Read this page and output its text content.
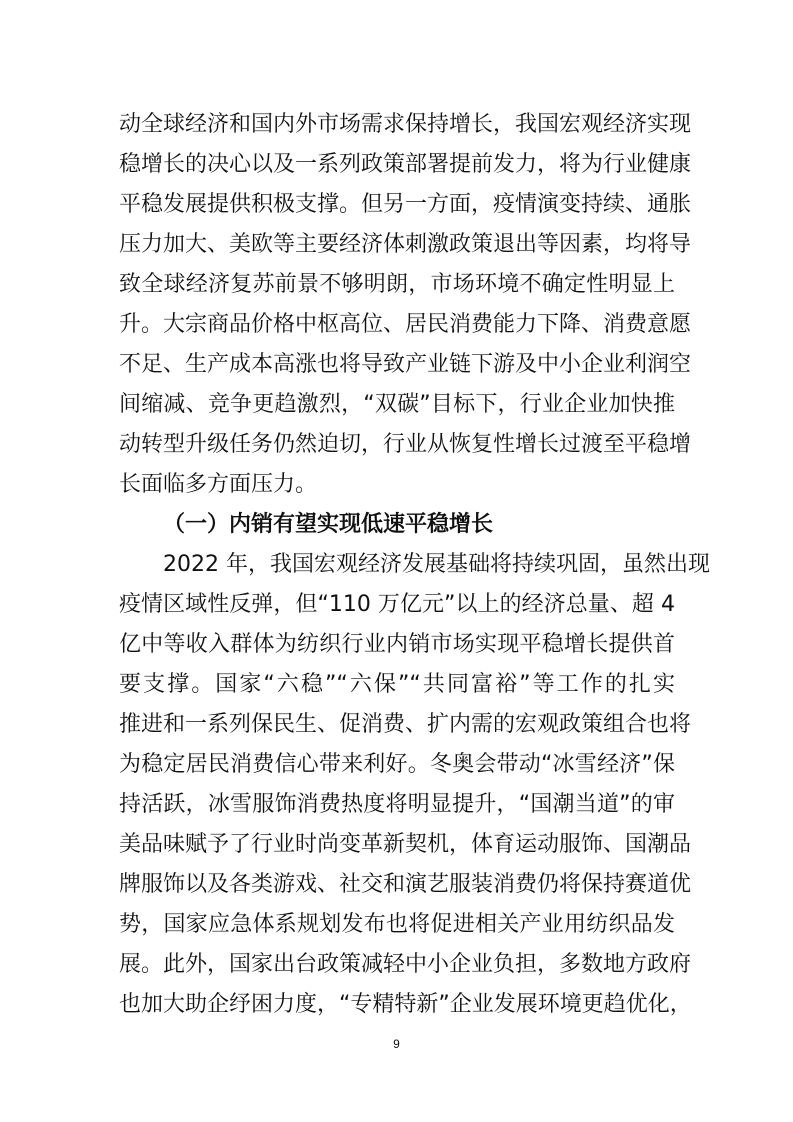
动全球经济和国内外市场需求保持增长，我国宏观经济实现
稳增长的决心以及一系列政策部署提前发力，将为行业健康
平稳发展提供积极支撑。但另一方面，疫情演变持续、通胀
压力加大、美欧等主要经济体刺激政策退出等因素，均将导
致全球经济复苏前景不够明朗，市场环境不确定性明显上
升。大宗商品价格中枢高位、居民消费能力下降、消费意愿
不足、生产成本高涨也将导致产业链下游及中小企业利润空
间缩减、竞争更趋激烈，“双碳”目标下，行业企业加快推
动转型升级任务仍然迫切，行业从恢复性增长过渡至平稳增
长面临多方面压力。
（一）内销有望实现低速平稳增长
2022 年，我国宏观经济发展基础将持续巩固，虽然出现
疫情区域性反弹，但“110 万亿元”以上的经济总量、超 4
亿中等收入群体为纺织行业内销市场实现平稳增长提供首
要支撑。国家“六稳”“六保”“共同富裕”等工作的扎实
推进和一系列保民生、促消费、扩内需的宏观政策组合也将
为稳定居民消费信心带来利好。冬奥会带动“冰雪经济”保
持活跃，冰雪服饰消费热度将明显提升，“国潮当道”的审
美品味赋予了行业时尚变革新契机，体育运动服饰、国潮品
牌服饰以及各类游戏、社交和演艺服装消费仍将保持赛道优
势，国家应急体系规划发布也将促进相关产业用纺织品发
展。此外，国家出台政策减轻中小企业负担，多数地方政府
也加大助企纾困力度，“专精特新”企业发展环境更趋优化，
9
